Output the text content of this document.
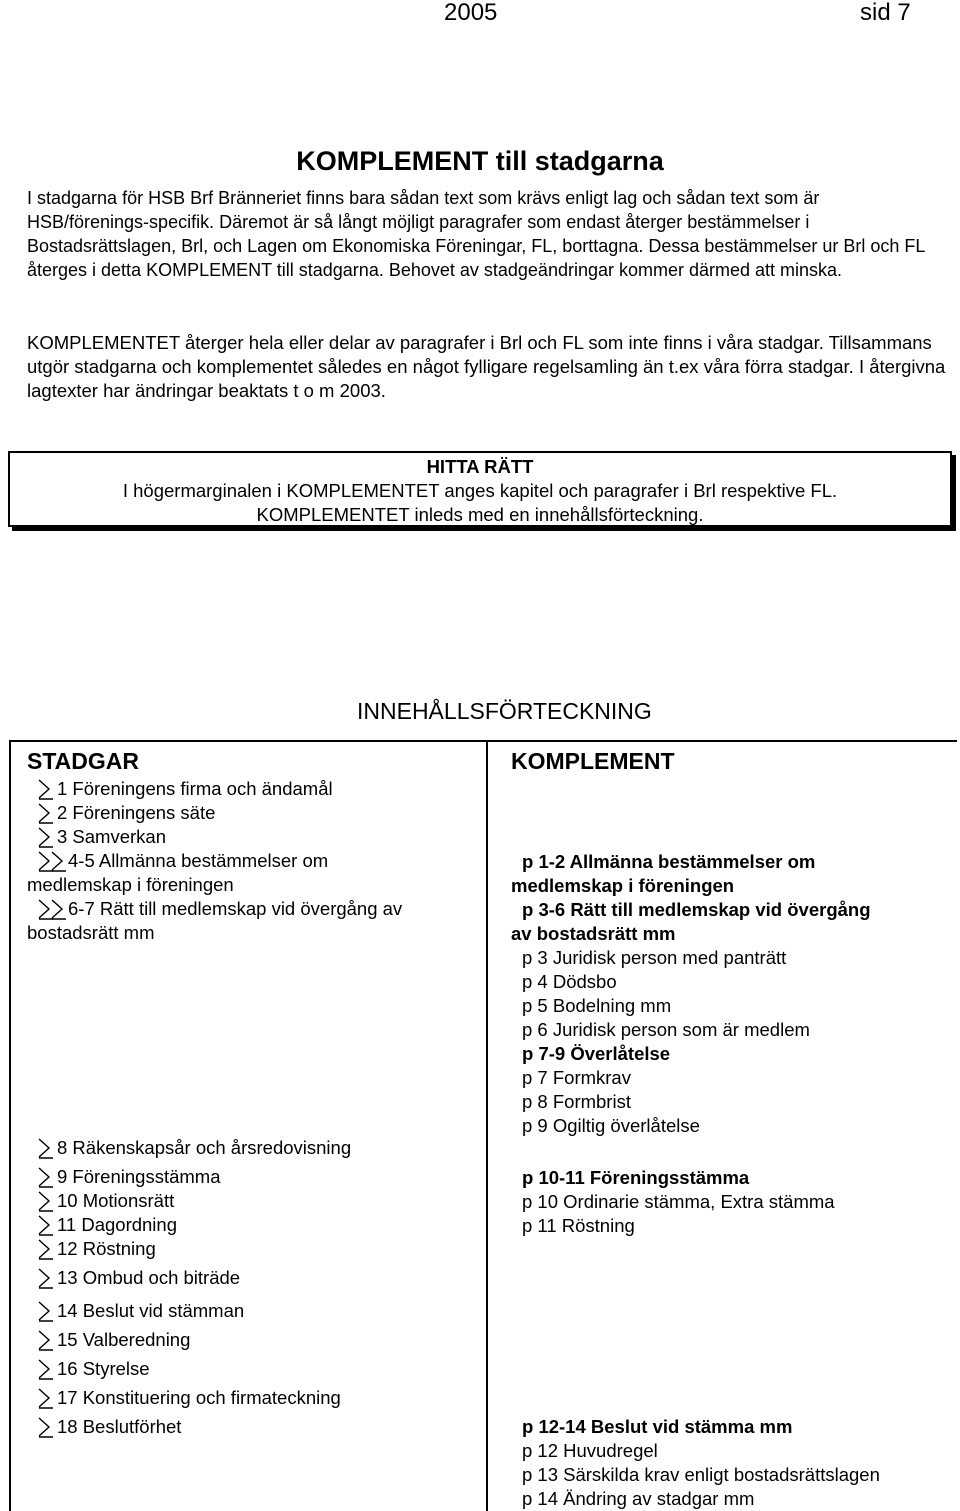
2005	sid 7
KOMPLEMENT till stadgarna
I stadgarna för HSB Brf Bränneriet finns bara sådan text som krävs enligt lag och sådan text som är HSB/förenings-specifik. Däremot är så långt möjligt paragrafer som endast återger bestämmelser i Bostadsrättslagen, Brl, och Lagen om Ekonomiska Föreningar, FL, borttagna. Dessa bestämmelser ur Brl och FL återges i detta KOMPLEMENT till stadgarna. Behovet av stadgeändringar kommer därmed att minska.
KOMPLEMENTET återger hela eller delar av paragrafer i Brl och FL som inte finns i våra stadgar. Tillsammans utgör stadgarna och komplementet således en något fylligare regelsamling än t.ex våra förra stadgar. I återgivna lagtexter har ändringar beaktats t o m 2003.
HITTA RÄTT
I högermarginalen i KOMPLEMENTET anges kapitel och paragrafer i Brl respektive FL.
KOMPLEMENTET inleds med en innehållsförteckning.
INNEHÅLLSFÖRTECKNING
STADGAR	KOMPLEMENT
1 Föreningens firma och ändamål
2 Föreningens säte
3 Samverkan
4-5 Allmänna bestämmelser om
medlemskap i föreningen
6-7 Rätt till medlemskap vid övergång av
bostadsrätt mm
8 Räkenskapsår och årsredovisning
9 Föreningsstämma
10 Motionsrätt
11 Dagordning
12 Röstning
13 Ombud och biträde
14 Beslut vid stämman
15 Valberedning
16 Styrelse
17 Konstituering och firmateckning
18 Beslutförhet
p 1-2 Allmänna bestämmelser om
medlemskap i föreningen
p 3-6 Rätt till medlemskap vid övergång
av bostadsrätt mm
p 3 Juridisk person med panträtt
p 4 Dödsbo
p 5 Bodelning mm
p 6 Juridisk person som är medlem
p 7-9 Överlåtelse
p 7 Formkrav
p 8 Formbrist
p 9 Ogiltig överlåtelse
p 10-11 Föreningsstämma
p 10 Ordinarie stämma, Extra stämma
p 11 Röstning
p 12-14 Beslut vid stämma mm
p 12 Huvudregel
p 13 Särskilda krav enligt bostadsrättslagen
p 14 Ändring av stadgar mm
